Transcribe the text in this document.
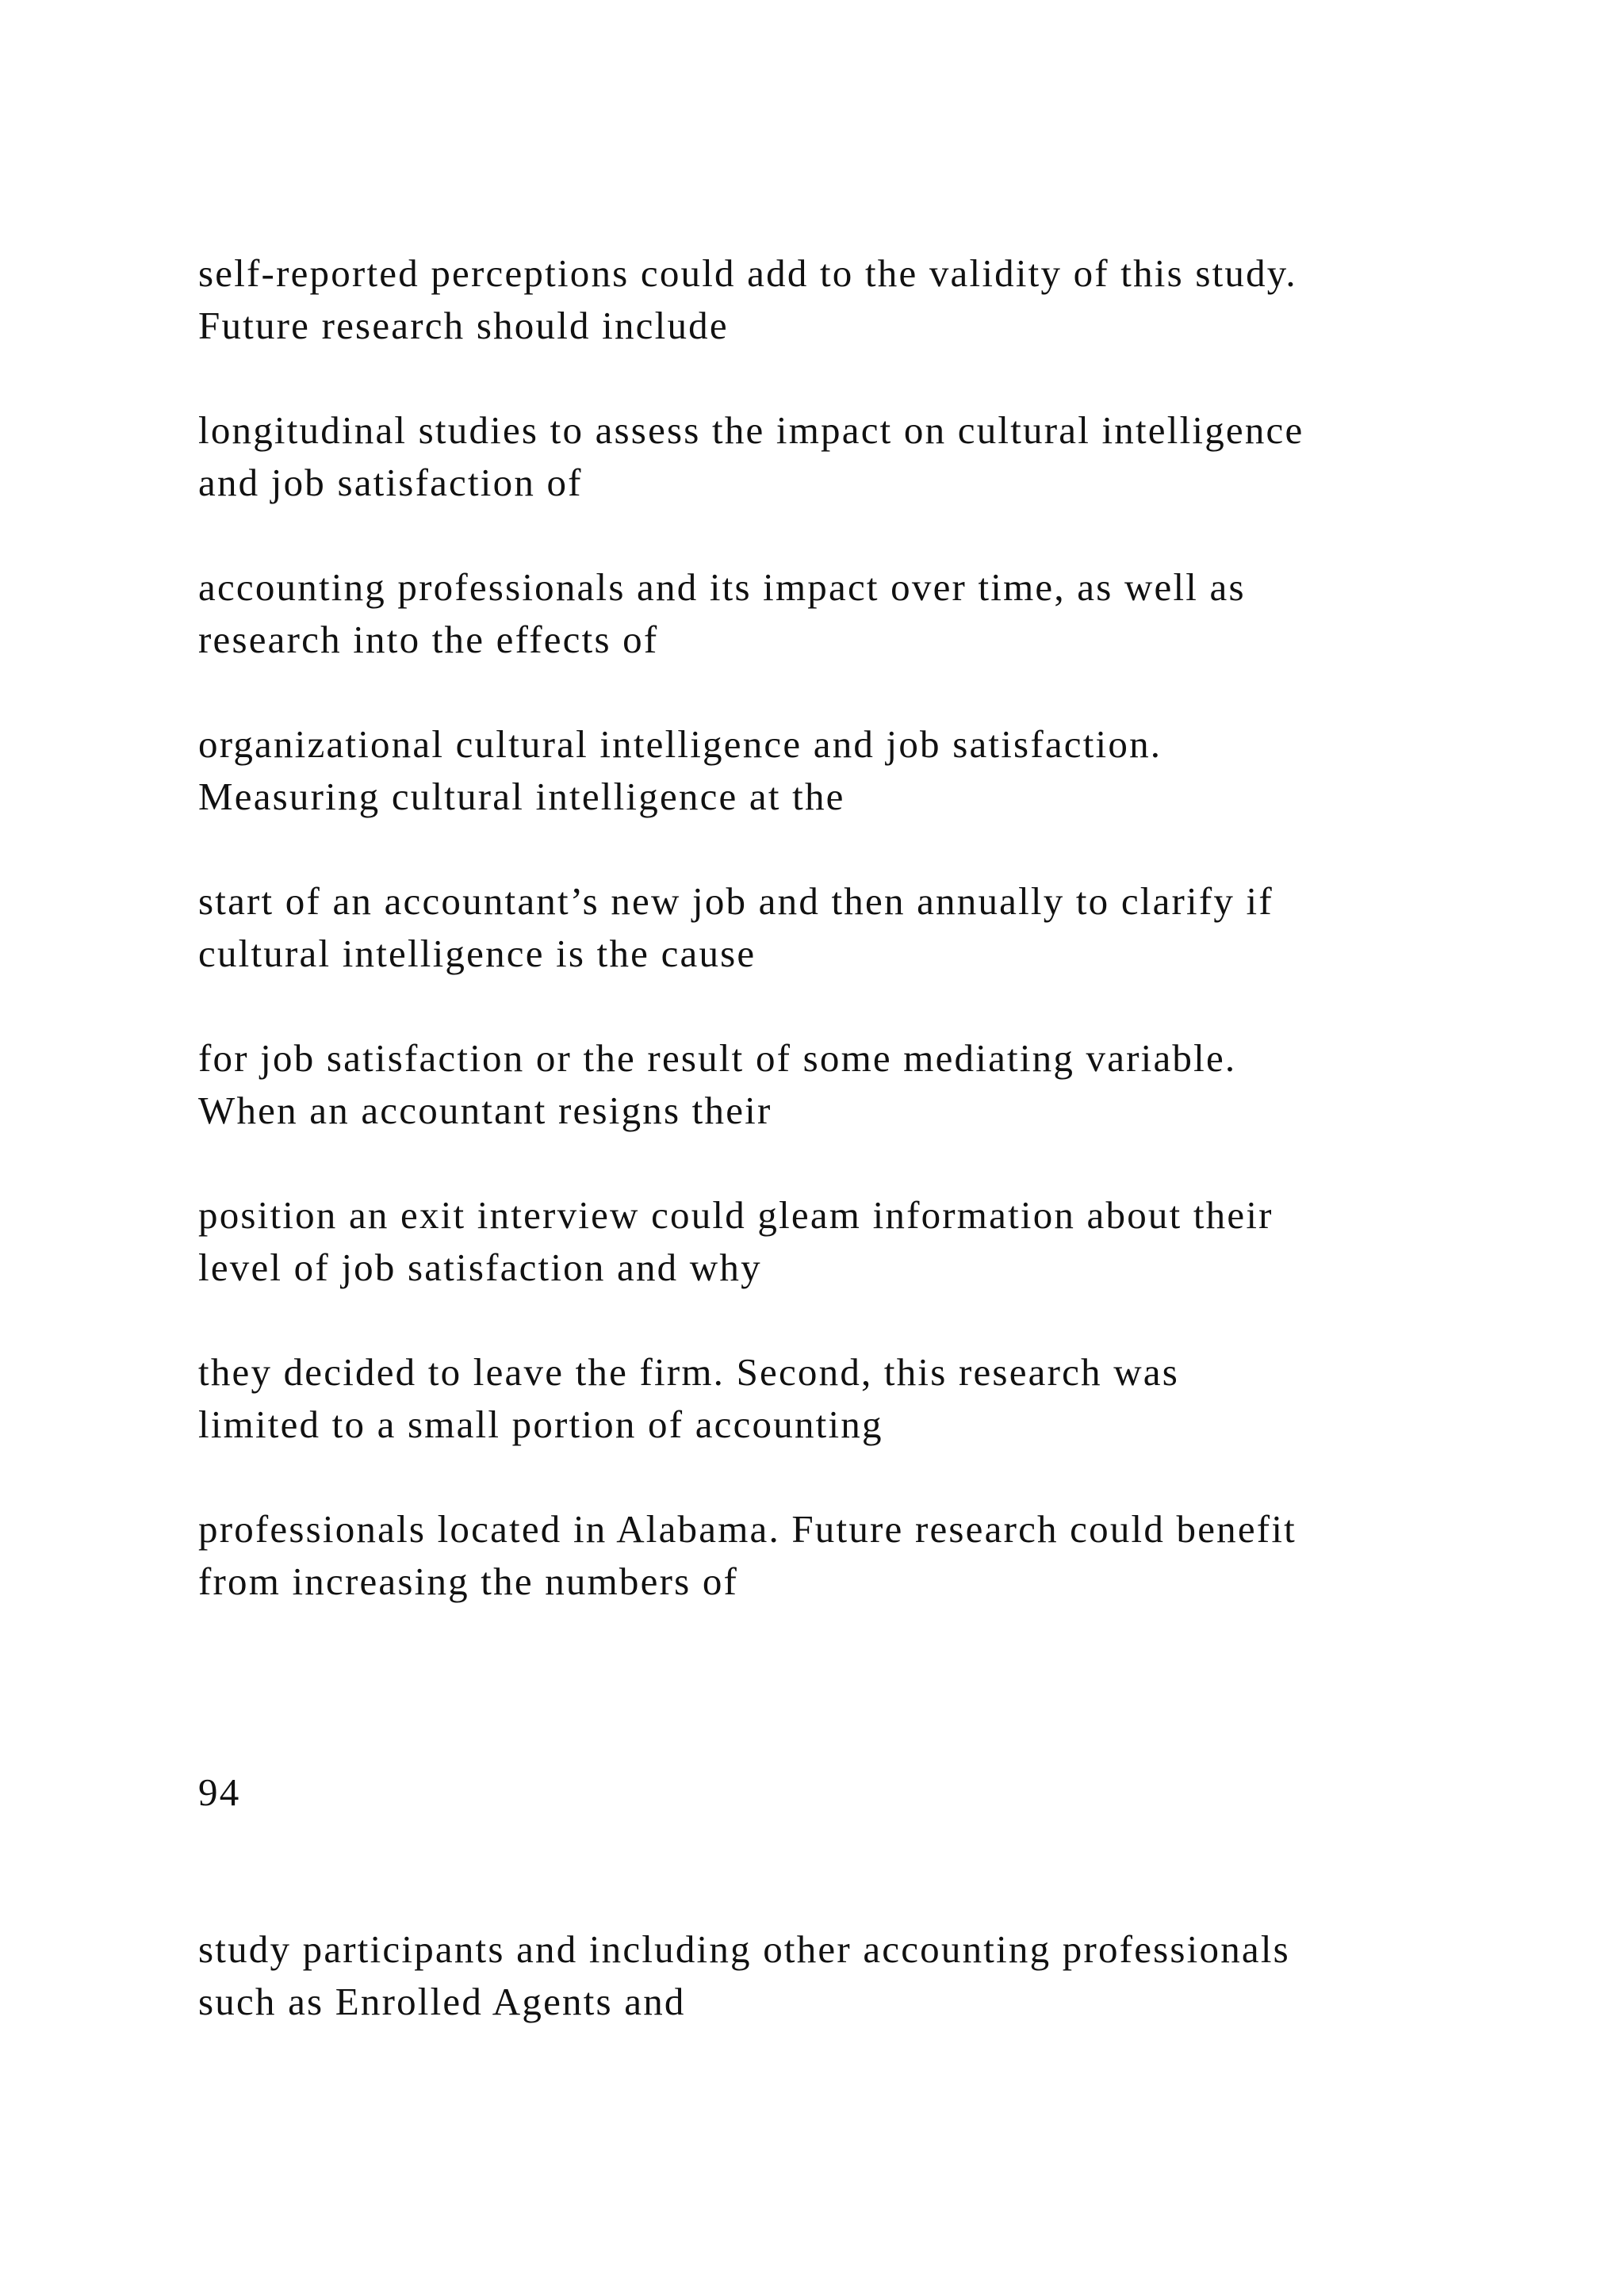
self-reported perceptions could add to the validity of this study.
Future research should include

longitudinal studies to assess the impact on cultural intelligence
and job satisfaction of

accounting professionals and its impact over time, as well as
research into the effects of

organizational cultural intelligence and job satisfaction.
Measuring cultural intelligence at the

start of an accountant’s new job and then annually to clarify if
cultural intelligence is the cause

for job satisfaction or the result of some mediating variable.
When an accountant resigns their

position an exit interview could gleam information about their
level of job satisfaction and why

they decided to leave the firm. Second, this research was
limited to a small portion of accounting

professionals located in Alabama. Future research could benefit
from increasing the numbers of

94

study participants and including other accounting professionals
such as Enrolled Agents and
